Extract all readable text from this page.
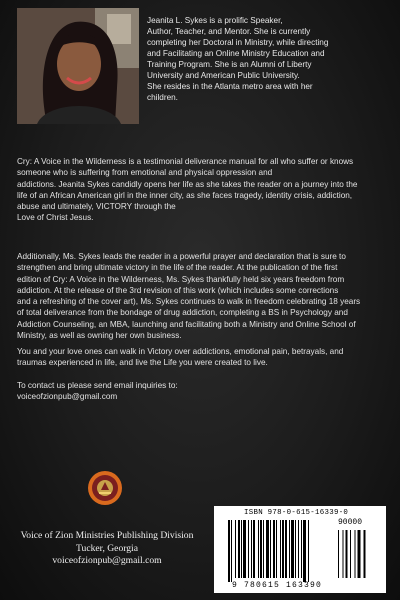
Jeanita L. Sykes is a prolific Speaker,
Author, Teacher, and Mentor. She is currently
completing her Doctoral in Ministry, while directing
and Facilitating an Online Ministry Education and
Training Program. She is an Alumni of Liberty
University and American Public University.
She resides in the Atlanta metro area with her
children.
Cry: A Voice in the Wilderness is a testimonial deliverance manual for all who suffer or knows
someone who is suffering from emotional and physical oppression and
addictions. Jeanita Sykes candidly opens her life as she takes the reader on a journey into the
life of an African American girl in the inner city, as she faces tragedy, identity crisis, addiction,
abuse and ultimately, VICTORY through the
Love of Christ Jesus.
Additionally, Ms. Sykes leads the reader in a powerful prayer and declaration that is sure to
strengthen and bring ultimate victory in the life of the reader. At the publication of the first
edition of Cry: A Voice in the Wilderness, Ms. Sykes thankfully held six years freedom from
addiction. At the release of the 3rd revision of this work (which includes some corrections
and a refreshing of the cover art), Ms. Sykes continues to walk in freedom celebrating 18 years
of total deliverance from the bondage of drug addiction, completing a BS in Psychology and
Addiction Counseling, an MBA, launching and facilitating both a Ministry and Online School of
Ministry, as well as owning her own business.
You and your love ones can walk in Victory over addictions, emotional pain, betrayals, and
traumas experienced in life, and live the Life you were created to live.
To contact us please send email inquiries to:
voiceofzionpub@gmail.com
Voice of Zion Ministries Publishing Division
Tucker, Georgia
voiceofzionpub@gmail.com
ISBN 978-0-615-16339-0
90000
9 780615 163390
